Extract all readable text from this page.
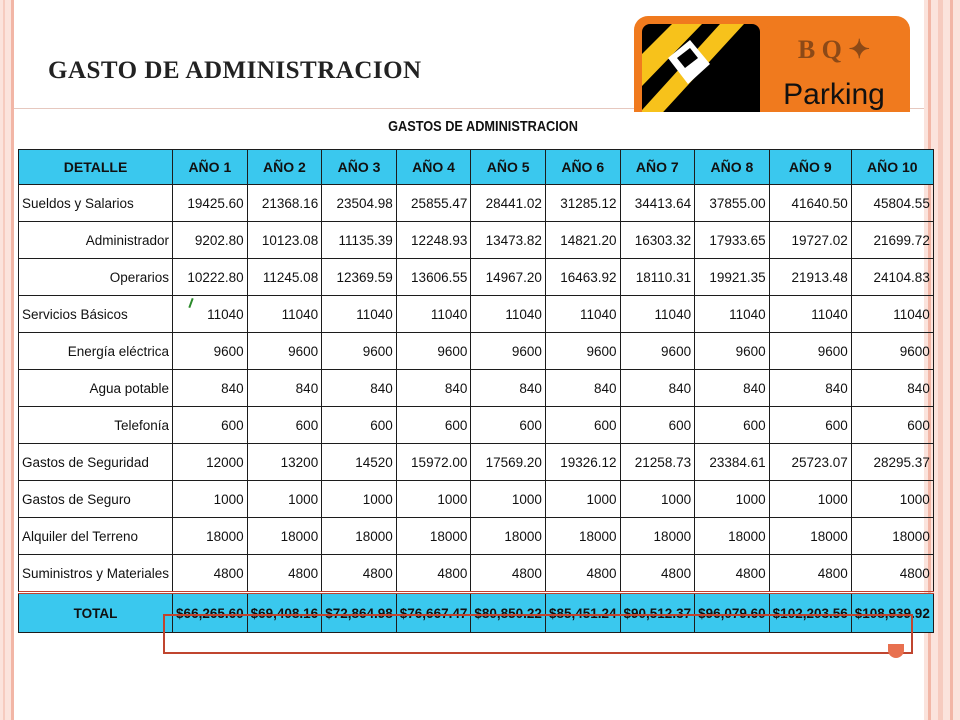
GASTO DE ADMINISTRACION
B Q ✦
Parking
GASTOS DE ADMINISTRACION
DETALLE	AÑO 1	AÑO 2	AÑO 3	AÑO 4	AÑO 5	AÑO 6	AÑO 7	AÑO 8	AÑO 9	AÑO 10
Sueldos y Salarios	19425.60	21368.16	23504.98	25855.47	28441.02	31285.12	34413.64	37855.00	41640.50	45804.55
Administrador	9202.80	10123.08	11135.39	12248.93	13473.82	14821.20	16303.32	17933.65	19727.02	21699.72
Operarios	10222.80	11245.08	12369.59	13606.55	14967.20	16463.92	18110.31	19921.35	21913.48	24104.83
Servicios Básicos	11040	11040	11040	11040	11040	11040	11040	11040	11040	11040
Energía eléctrica	9600	9600	9600	9600	9600	9600	9600	9600	9600	9600
Agua potable	840	840	840	840	840	840	840	840	840	840
Telefonía	600	600	600	600	600	600	600	600	600	600
Gastos de Seguridad	12000	13200	14520	15972.00	17569.20	19326.12	21258.73	23384.61	25723.07	28295.37
Gastos de Seguro	1000	1000	1000	1000	1000	1000	1000	1000	1000	1000
Alquiler del Terreno	18000	18000	18000	18000	18000	18000	18000	18000	18000	18000
Suministros y Materiales	4800	4800	4800	4800	4800	4800	4800	4800	4800	4800
TOTAL	$66,265.60	$69,408.16	$72,864.98	$76,667.47	$80,850.22	$85,451.24	$90,512.37	$96,079.60	$102,203.56	$108,939.92
